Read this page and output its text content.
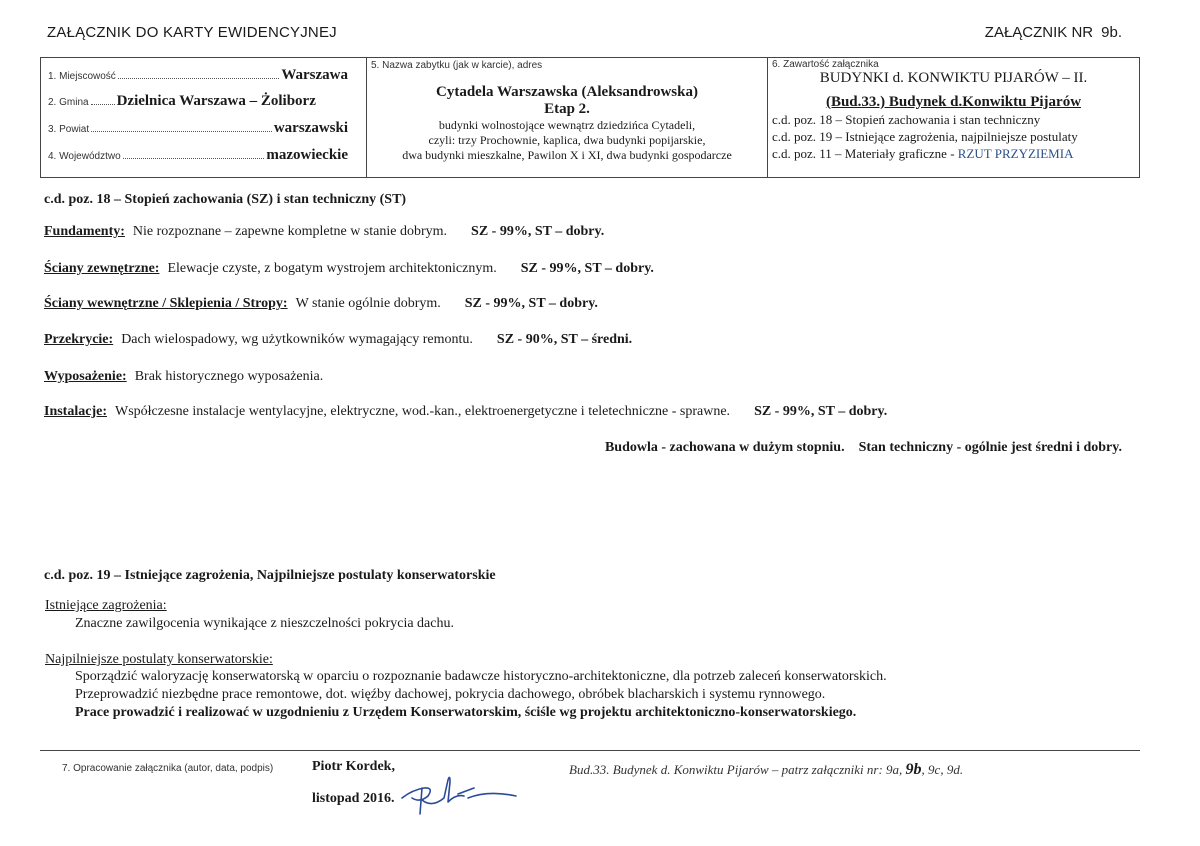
ZAŁĄCZNIK DO KARTY EWIDENCYJNEJ	ZAŁĄCZNIK NR 9b.
1. Miejscowość	Warszawa
2. Gmina Dzielnica Warszawa – Żoliborz
3. Powiat	warszawski
4. Województwo	mazowieckie
5. Nazwa zabytku (jak w karcie), adres
Cytadela Warszawska (Aleksandrowska)
Etap 2.
budynki wolnostojące wewnątrz dziedzińca Cytadeli,
czyli: trzy Prochownie, kaplica, dwa budynki popijarskie,
dwa budynki mieszkalne, Pawilon X i XI, dwa budynki gospodarcze
6. Zawartość załącznika
BUDYNKI d. KONWIKTU PIJARÓW – II.
(Bud.33.) Budynek d.Konwiktu Pijarów
c.d. poz. 18 – Stopień zachowania i stan techniczny
c.d. poz. 19 – Istniejące zagrożenia, najpilniejsze postulaty
c.d. poz. 11 – Materiały graficzne - RZUT PRZYZIEMIA
c.d. poz. 18 – Stopień zachowania (SZ) i stan techniczny (ST)
Fundamenty: Nie rozpoznane – zapewne kompletne w stanie dobrym. SZ - 99%, ST – dobry.
Ściany zewnętrzne: Elewacje czyste, z bogatym wystrojem architektonicznym. SZ - 99%, ST – dobry.
Ściany wewnętrzne / Sklepienia / Stropy: W stanie ogólnie dobrym. SZ - 99%, ST – dobry.
Przekrycie: Dach wielospadowy, wg użytkowników wymagający remontu. SZ - 90%, ST – średni.
Wyposażenie: Brak historycznego wyposażenia.
Instalacje: Współczesne instalacje wentylacyjne, elektryczne, wod.-kan., elektroenergetyczne i teletechniczne - sprawne. SZ - 99%, ST – dobry.
Budowla - zachowana w dużym stopniu. Stan techniczny - ogólnie jest średni i dobry.
c.d. poz. 19 – Istniejące zagrożenia, Najpilniejsze postulaty konserwatorskie
Istniejące zagrożenia:
Znaczne zawilgocenia wynikające z nieszczelności pokrycia dachu.
Najpilniejsze postulaty konserwatorskie:
Sporządzić waloryzację konserwatorską w oparciu o rozpoznanie badawcze historyczno-architektoniczne, dla potrzeb zaleceń konserwatorskich.
Przeprowadzić niezbędne prace remontowe, dot. więźby dachowej, pokrycia dachowego, obróbek blacharskich i systemu rynnowego.
Prace prowadzić i realizować w uzgodnieniu z Urzędem Konserwatorskim, ściśle wg projektu architektoniczno-konserwatorskiego.
7. Opracowanie załącznika (autor, data, podpis)	Piotr Kordek,
listopad 2016.
Bud.33. Budynek d. Konwiktu Pijarów – patrz załączniki nr: 9a, 9b, 9c, 9d.
